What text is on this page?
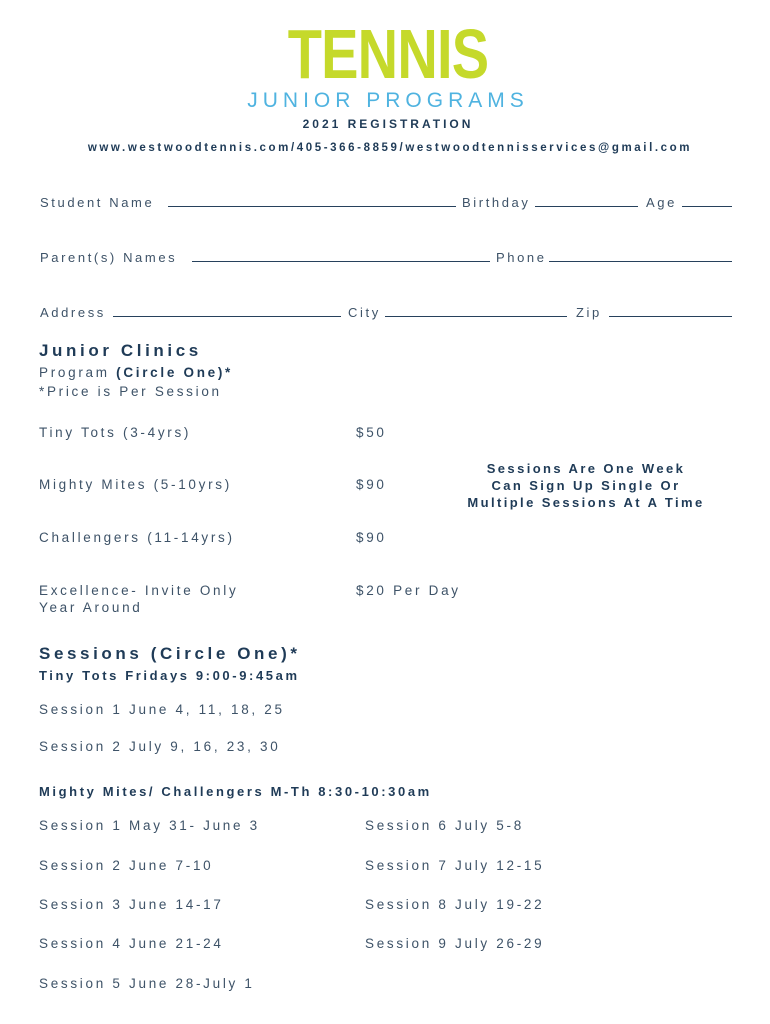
TENNIS
JUNIOR PROGRAMS
2021 REGISTRATION
www.westwoodtennis.com/405-366-8859/westwoodtennisservices@gmail.com
Student Name	Birthday	Age
Parent(s) Names	Phone
Address	City	Zip
Junior Clinics
Program (Circle One)*
*Price is Per Session
Tiny Tots (3-4yrs)	$50
Mighty Mites (5-10yrs)	$90
Challengers (11-14yrs)	$90
Excellence- Invite Only
Year Around
$20 Per Day
Sessions Are One Week
Can Sign Up Single Or
Multiple Sessions At A Time
Sessions (Circle One)*
Tiny Tots Fridays 9:00-9:45am
Session 1 June 4, 11, 18, 25
Session 2 July 9, 16, 23, 30
Mighty Mites/ Challengers M-Th 8:30-10:30am
Session 1 May 31- June 3
Session 2 June 7-10
Session 3 June 14-17
Session 4 June 21-24
Session 5 June 28-July 1
Session 6 July 5-8
Session 7 July 12-15
Session 8 July 19-22
Session 9 July 26-29
